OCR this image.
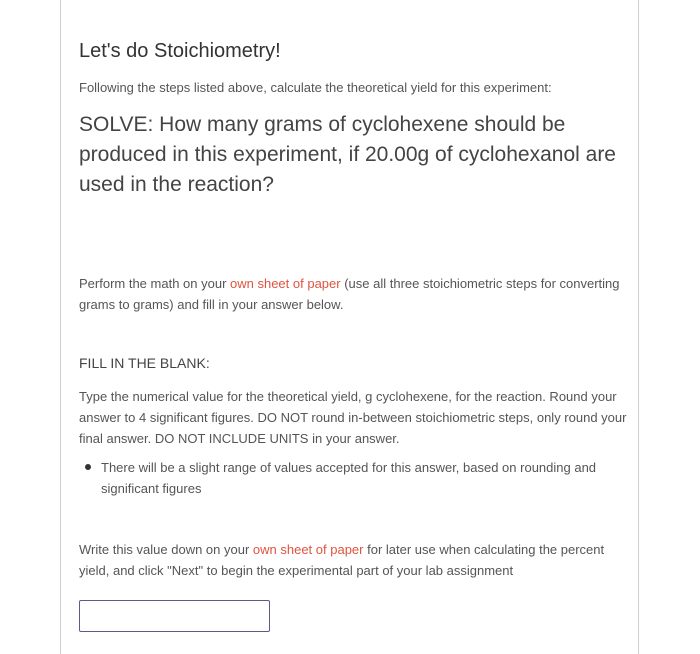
Let's do Stoichiometry!
Following the steps listed above, calculate the theoretical yield for this experiment:
SOLVE: How many grams of cyclohexene should be produced in this experiment, if 20.00g of cyclohexanol are used in the reaction?
Perform the math on your own sheet of paper (use all three stoichiometric steps for converting grams to grams) and fill in your answer below.
FILL IN THE BLANK:
Type the numerical value for the theoretical yield, g cyclohexene, for the reaction. Round your answer to 4 significant figures. DO NOT round in-between stoichiometric steps, only round your final answer. DO NOT INCLUDE UNITS in your answer.
There will be a slight range of values accepted for this answer, based on rounding and significant figures
Write this value down on your own sheet of paper for later use when calculating the percent yield, and click "Next" to begin the experimental part of your lab assignment
